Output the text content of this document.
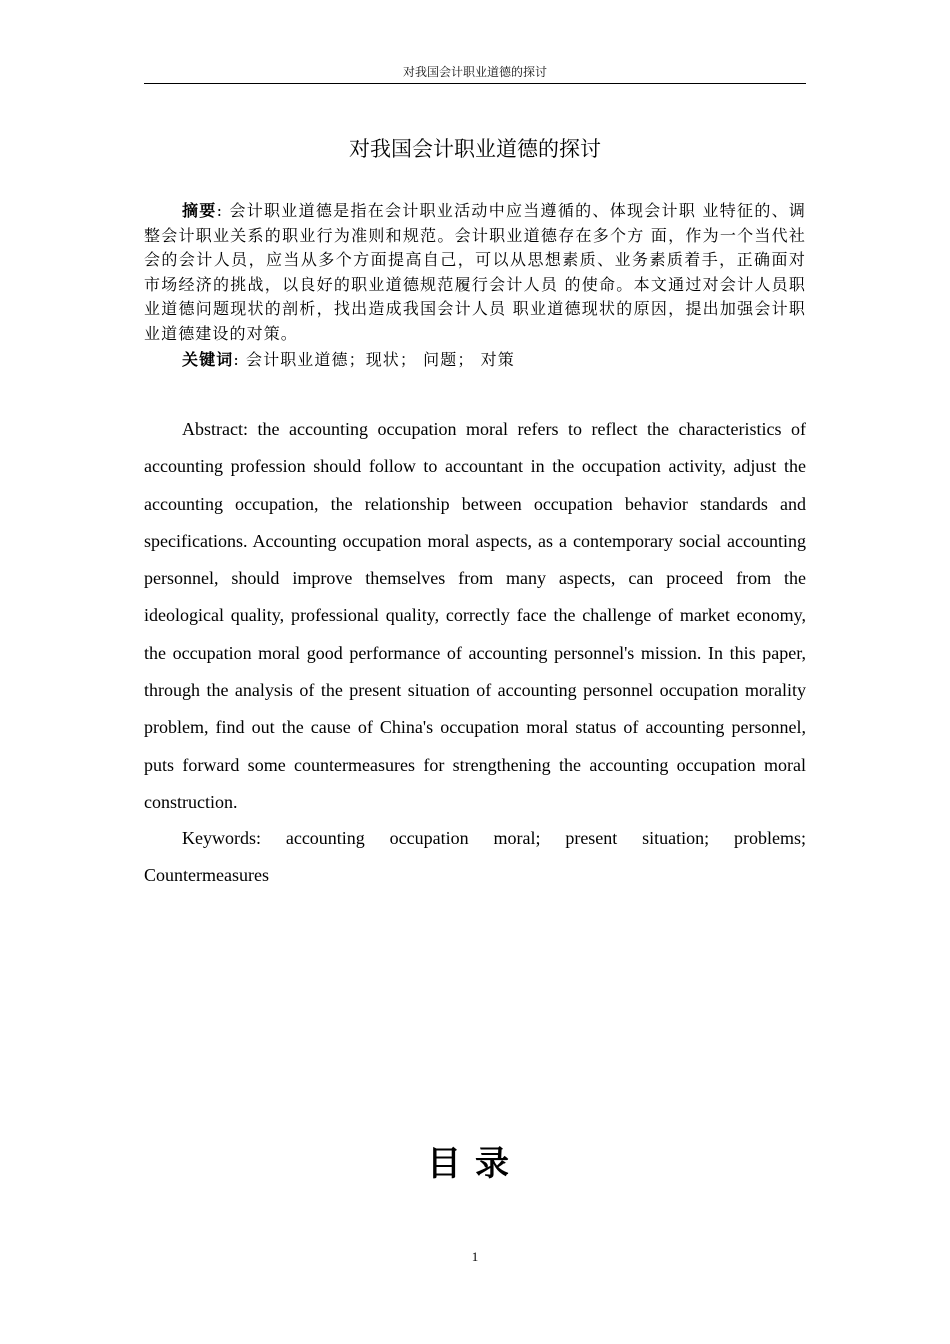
对我国会计职业道德的探讨
对我国会计职业道德的探讨

摘要: 会计职业道德是指在会计职业活动中应当遵循的、体现会计职 业特征的、调整会计职业关系的职业行为准则和规范。会计职业道德存在多个方 面，作为一个当代社会的会计人员，应当从多个方面提高自己，可以从思想素质、业务素质着手，正确面对市场经济的挑战，以良好的职业道德规范履行会计人员 的使命。本文通过对会计人员职业道德问题现状的剖析，找出造成我国会计人员 职业道德现状的原因，提出加强会计职业道德建设的对策。

关键词: 会计职业道德；现状； 问题； 对策

Abstract: the accounting occupation moral refers to reflect the characteristics of accounting profession should follow to accountant in the occupation activity, adjust the accounting occupation, the relationship between occupation behavior standards and specifications. Accounting occupation moral aspects, as a contemporary social accounting personnel, should improve themselves from many aspects, can proceed from the ideological quality, professional quality, correctly face the challenge of market economy, the occupation moral good performance of accounting personnel's mission. In this paper, through the analysis of the present situation of accounting personnel occupation morality problem, find out the cause of China's occupation moral status of accounting personnel, puts forward some countermeasures for strengthening the accounting occupation moral construction.

Keywords: accounting occupation moral; present situation; problems;
Countermeasures

目录
1
